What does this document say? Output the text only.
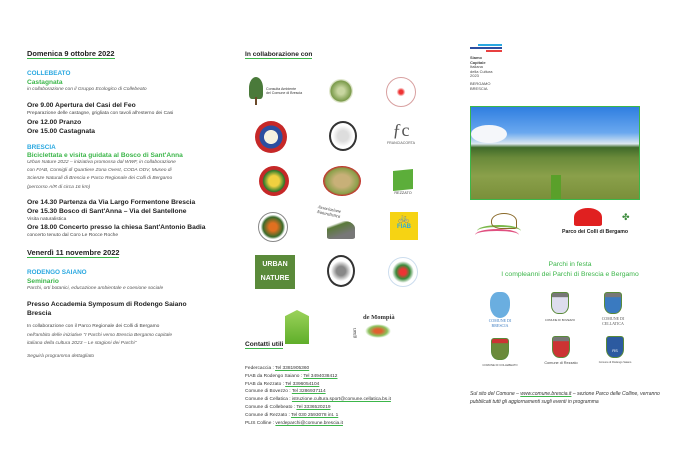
Domenica 9 ottobre 2022
COLLEBEATO
Castagnata
in collaborazione con il Gruppo Ecologico di Collebeato
Ore 9.00 Apertura del Casi del Feo
Preparazione delle castagne, grigliata con tavoli all'esterno dei Casi
Ore 12.00 Pranzo
Ore 15.00 Castagnata
BRESCIA
Biciclettata e visita guidata al Bosco di Sant'Anna
Urban Nature 2022 – iniziativa promossa dal WWF, in collaborazione
con FIAB, Consigli di Quartiere Zona Ovest, CODA ODV, Museo di
Scienze Naturali di Brescia e Parco Regionale dei Colli di Bergamo
(percorso A/R di circa 16 km)
Ore 14.30 Partenza da Via Largo Formentone Brescia
Ore 15.30 Bosco di Sant'Anna – Via del Santellone
Visita naturalistica
Ore 18.00 Concerto presso la chiesa Sant'Antonio Badia
concerto tenuto dal Coro Le Rocce Roche
Venerdì 11 novembre 2022
RODENGO SAIANO
Seminario
Parchi, orti botanici, educazione ambientale e coesione sociale
Presso Accademia Symposum di Rodengo Saiano
Brescia
In collaborazione con il Parco Regionale dei Colli di Bergamo
nell'ambito delle iniziative "I Parchi verso Brescia Bergamo capitale
italiana della cultura 2023 – Le stagioni dei Parchi"
Seguirà programma dettagliato
In collaborazione con
Consulta Ambiente
del Comune di Brescia
ƒc
FRANCIACORTA
REZZATO
Associazione Naturalistica	🚲
FIAB
URBAN
NATURE
de Mompià
gnari
Contatti utili
Federcaccia : Tel 3381905360
FIAB da Rodengo Saiano : Tel 3494038412
FIAB da Rezzato : Tel 3396054104
Comune di Bovezzo : Tel 3286937114
Comune di Cellatica : istruzione.cultura.sport@comune.cellatica.bs.it
Comune di Collebeato : Tel 3336520219
Comune di Rezzato : Tel 030 2593078 int. 1
PLIS Colline : verdeparchi@comune.brescia.it
Siamo
Capitale
Italiana
della Cultura
2023
BERGAMO
BRESCIA
Parco dei Colli di Bergamo
✤
Parchi in festa
I compleanni dei Parchi di Brescia e Bergamo
COMUNE DI BRESCIA
COMUNE DI BOVEZZO	COMUNE DI CELLATICA
COMUNE DI COLLEBEATO	Comune di Rezzato
RS
Comune di Rodengo Saiano
Sul sito del Comune – www.comune.brescia.it – sezione Parco delle Colline, verranno pubblicati tutti gli aggiornamenti sugli eventi in programma
